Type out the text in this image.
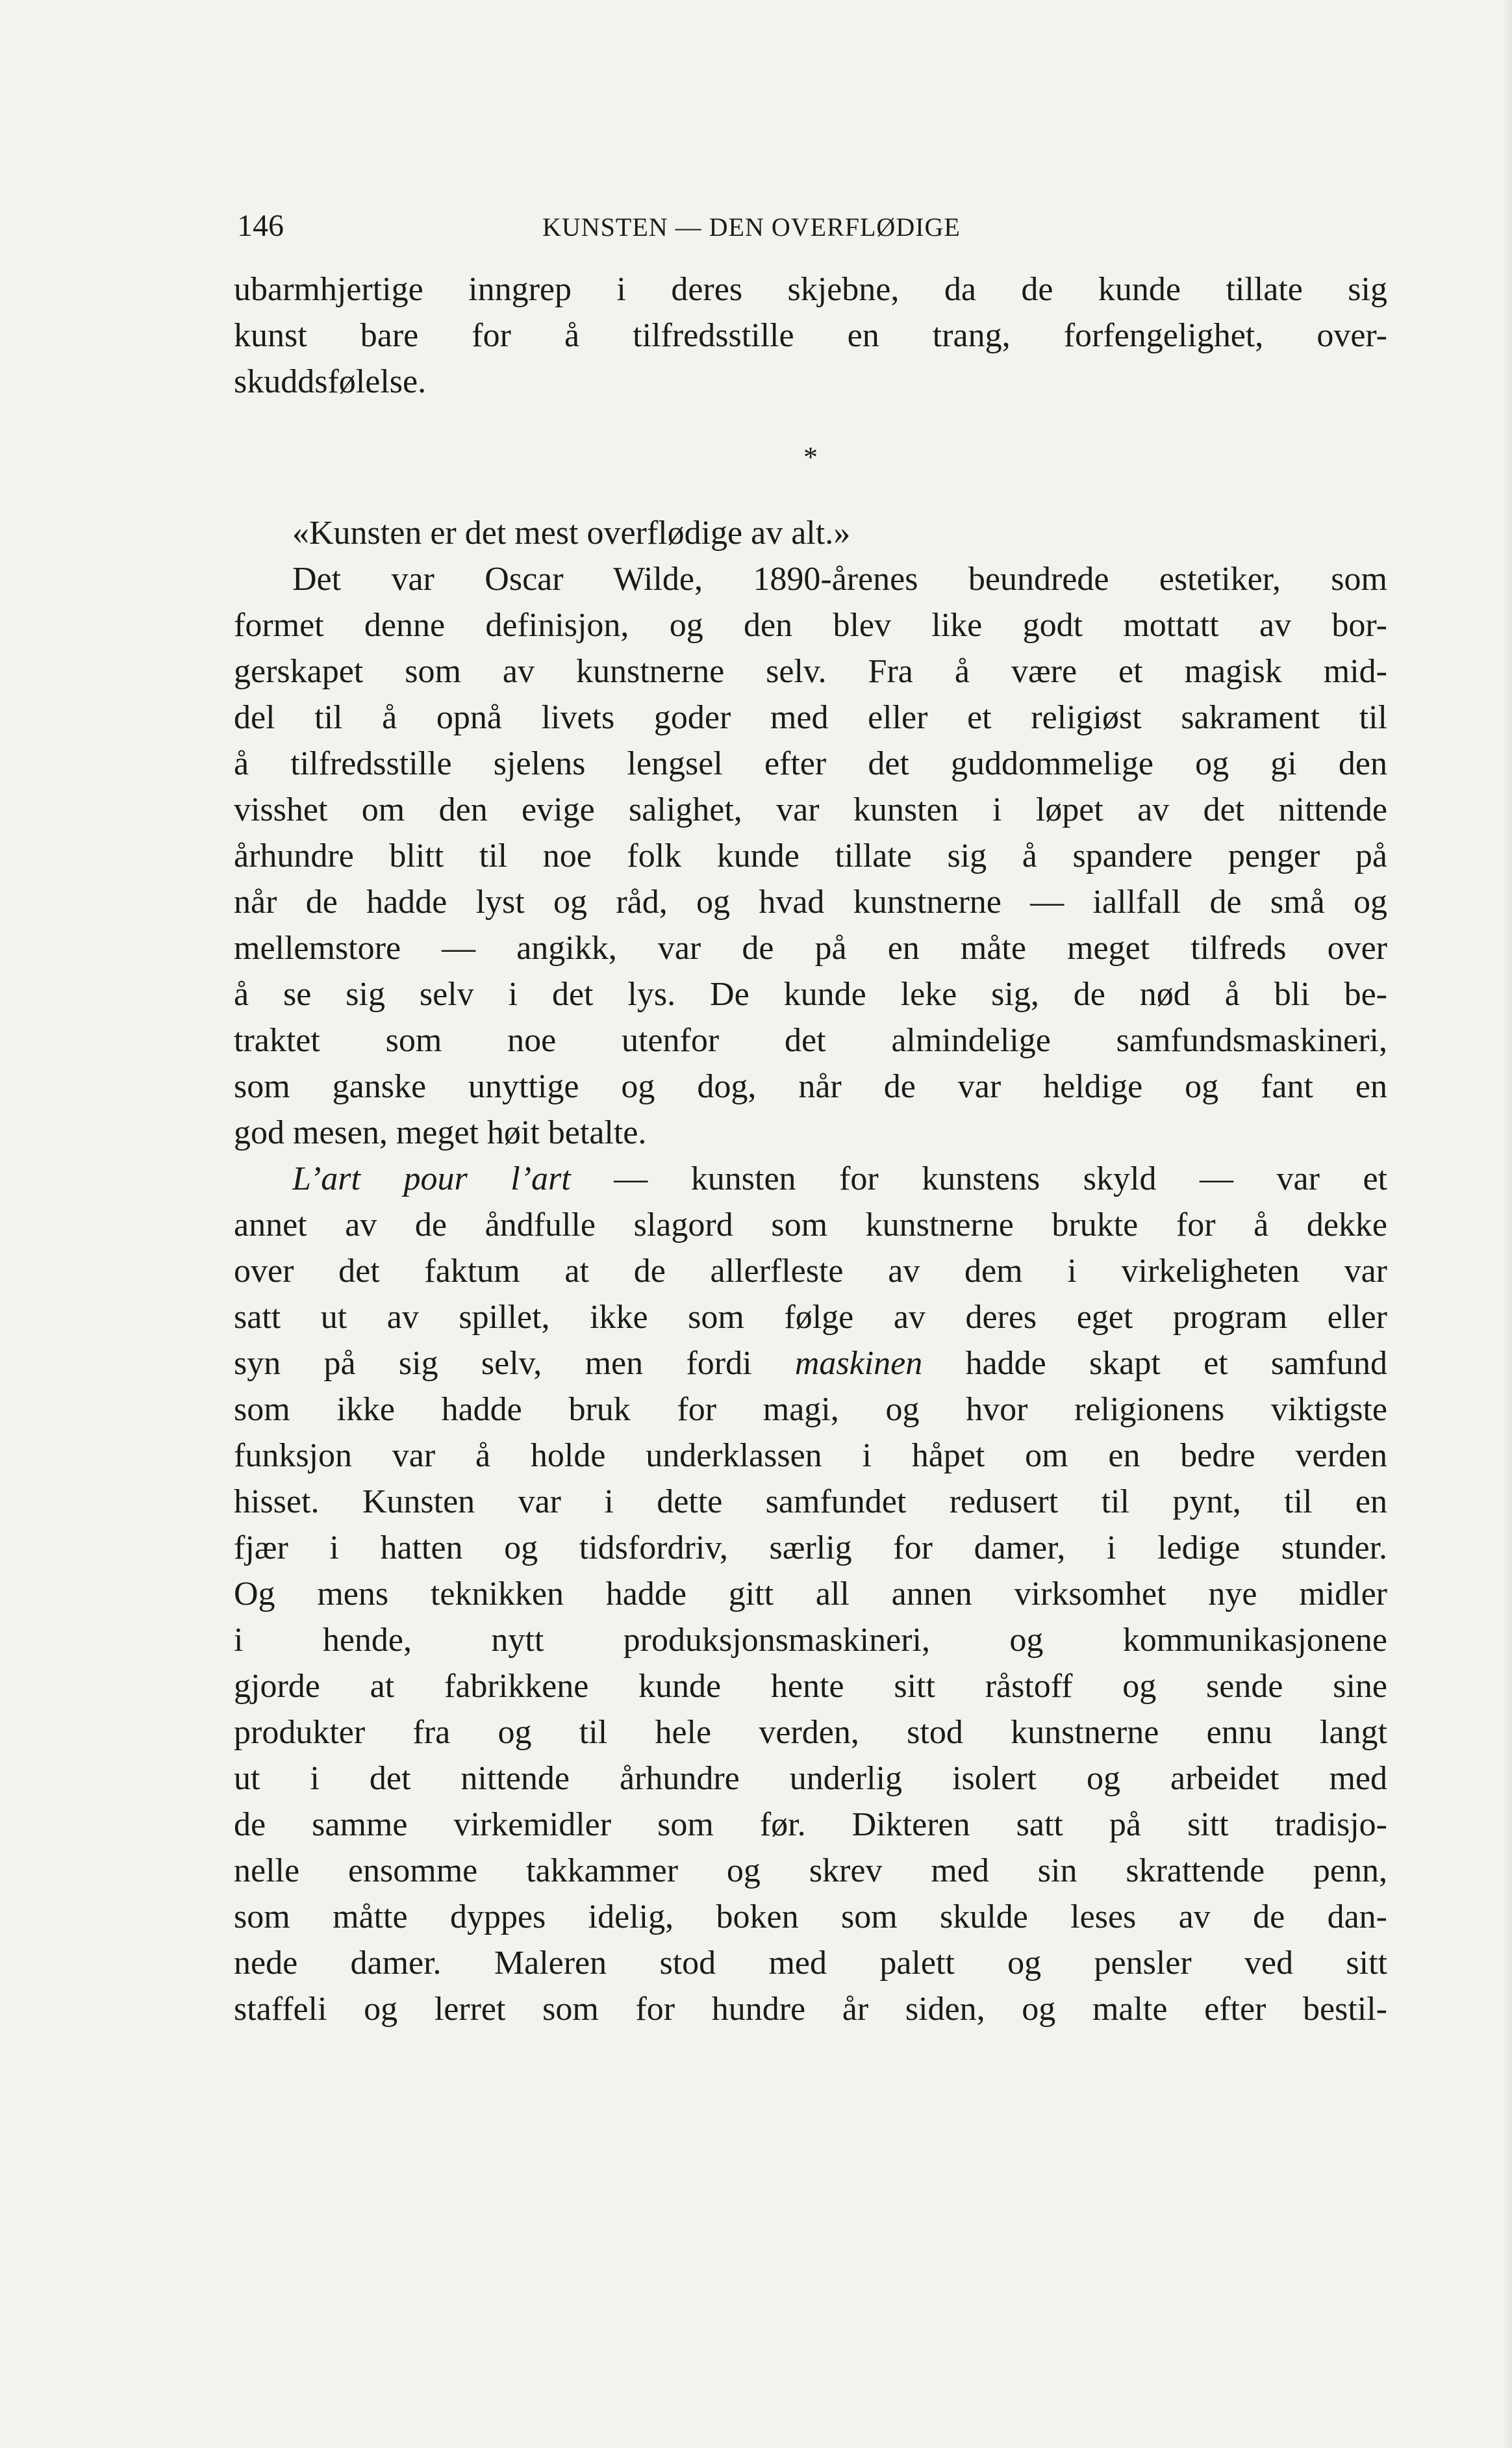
146	KUNSTEN — DEN OVERFLØDIGE
ubarmhjertige inngrep i deres skjebne, da de kunde tillate sig
kunst bare for å tilfredsstille en trang, forfengelighet, over-
skuddsfølelse.
*
«Kunsten er det mest overflødige av alt.»
Det var Oscar Wilde, 1890-årenes beundrede estetiker, som
formet denne definisjon, og den blev like godt mottatt av bor-
gerskapet som av kunstnerne selv. Fra å være et magisk mid-
del til å opnå livets goder med eller et religiøst sakrament til
å tilfredsstille sjelens lengsel efter det guddommelige og gi den
visshet om den evige salighet, var kunsten i løpet av det nittende
århundre blitt til noe folk kunde tillate sig å spandere penger på
når de hadde lyst og råd, og hvad kunstnerne — iallfall de små og
mellemstore — angikk, var de på en måte meget tilfreds over
å se sig selv i det lys. De kunde leke sig, de nød å bli be-
traktet som noe utenfor det almindelige samfundsmaskineri,
som ganske unyttige og dog, når de var heldige og fant en
god mesen, meget høit betalte.
L’art pour l’art — kunsten for kunstens skyld — var et
annet av de åndfulle slagord som kunstnerne brukte for å dekke
over det faktum at de allerfleste av dem i virkeligheten var
satt ut av spillet, ikke som følge av deres eget program eller
syn på sig selv, men fordi maskinen hadde skapt et samfund
som ikke hadde bruk for magi, og hvor religionens viktigste
funksjon var å holde underklassen i håpet om en bedre verden
hisset. Kunsten var i dette samfundet redusert til pynt, til en
fjær i hatten og tidsfordriv, særlig for damer, i ledige stunder.
Og mens teknikken hadde gitt all annen virksomhet nye midler
i hende, nytt produksjonsmaskineri, og kommunikasjonene
gjorde at fabrikkene kunde hente sitt råstoff og sende sine
produkter fra og til hele verden, stod kunstnerne ennu langt
ut i det nittende århundre underlig isolert og arbeidet med
de samme virkemidler som før. Dikteren satt på sitt tradisjo-
nelle ensomme takkammer og skrev med sin skrattende penn,
som måtte dyppes idelig, boken som skulde leses av de dan-
nede damer. Maleren stod med palett og pensler ved sitt
staffeli og lerret som for hundre år siden, og malte efter bestil-
